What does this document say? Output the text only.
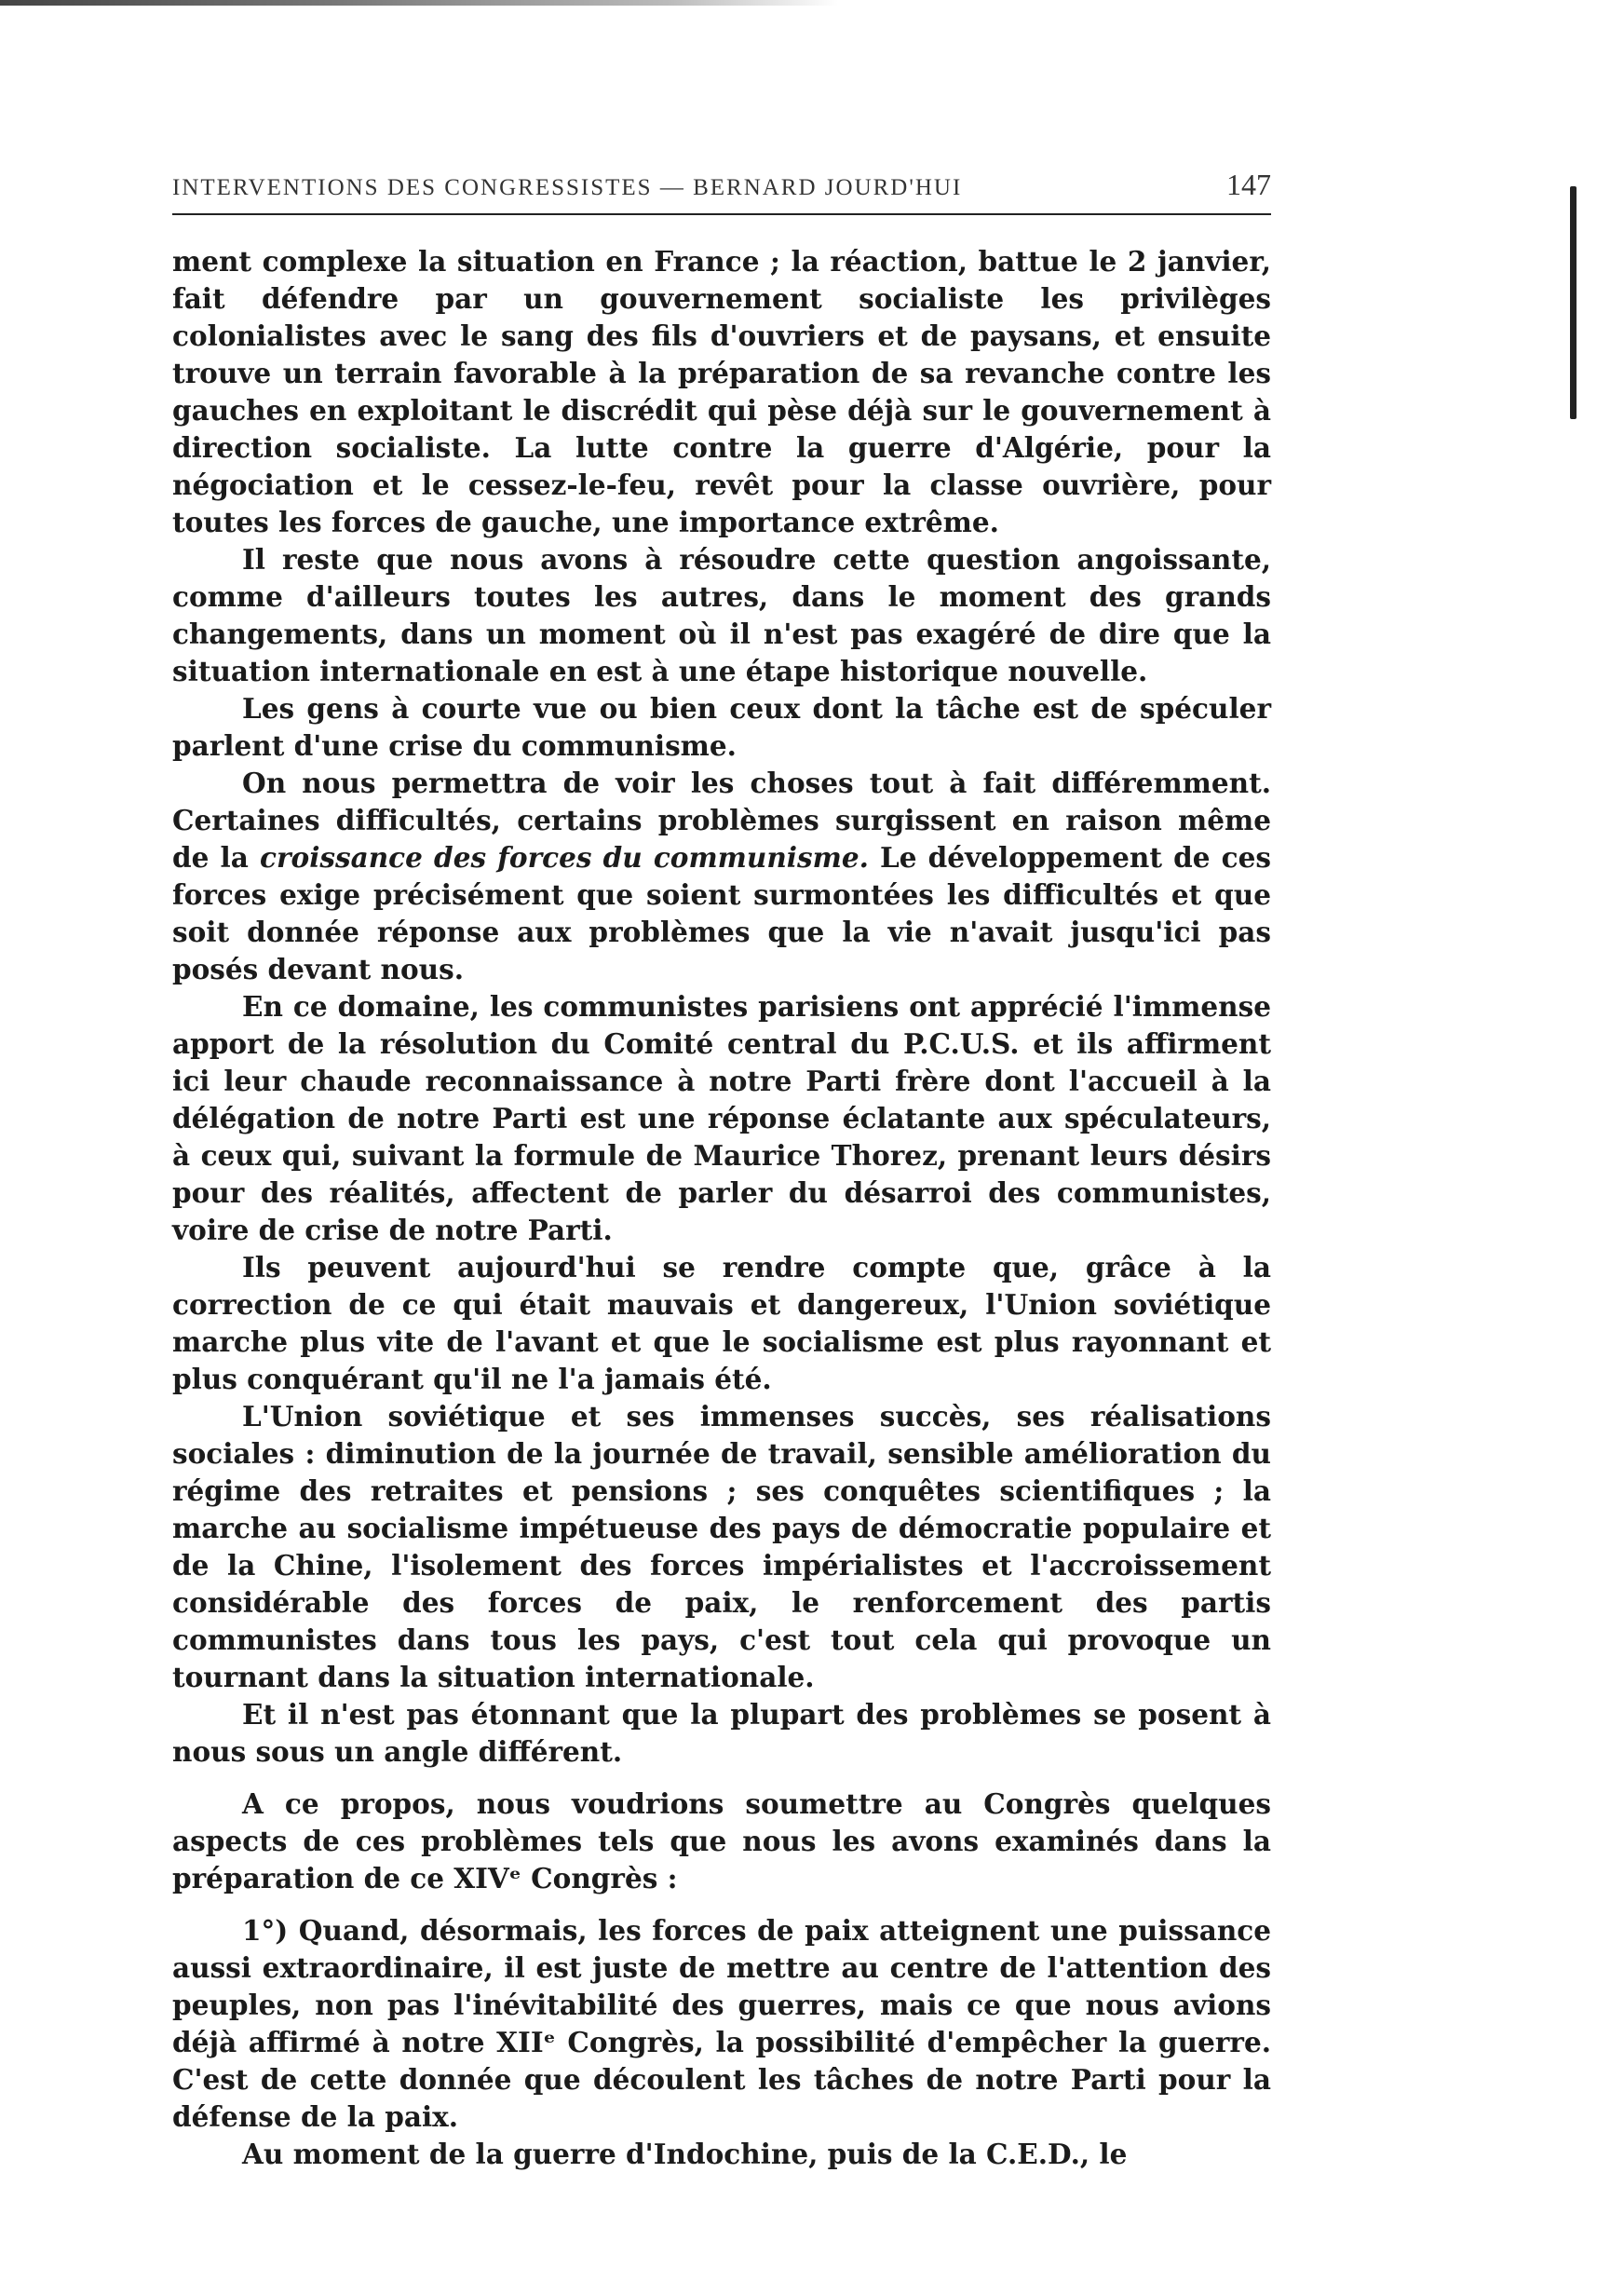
INTERVENTIONS DES CONGRESSISTES — BERNARD JOURD'HUI	147

ment complexe la situation en France ; la réaction, battue le 2 janvier, fait défendre par un gouvernement socialiste les privilèges colonialistes avec le sang des fils d'ouvriers et de paysans, et ensuite trouve un terrain favorable à la préparation de sa revanche contre les gauches en exploitant le discrédit qui pèse déjà sur le gouvernement à direction socialiste. La lutte contre la guerre d'Algérie, pour la négociation et le cessez-le-feu, revêt pour la classe ouvrière, pour toutes les forces de gauche, une importance extrême.

Il reste que nous avons à résoudre cette question angoissante, comme d'ailleurs toutes les autres, dans le moment des grands changements, dans un moment où il n'est pas exagéré de dire que la situation internationale en est à une étape historique nouvelle.

Les gens à courte vue ou bien ceux dont la tâche est de spéculer parlent d'une crise du communisme.

On nous permettra de voir les choses tout à fait différemment. Certaines difficultés, certains problèmes surgissent en raison même de la croissance des forces du communisme. Le développement de ces forces exige précisément que soient surmontées les difficultés et que soit donnée réponse aux problèmes que la vie n'avait jusqu'ici pas posés devant nous.

En ce domaine, les communistes parisiens ont apprécié l'immense apport de la résolution du Comité central du P.C.U.S. et ils affirment ici leur chaude reconnaissance à notre Parti frère dont l'accueil à la délégation de notre Parti est une réponse éclatante aux spéculateurs, à ceux qui, suivant la formule de Maurice Thorez, prenant leurs désirs pour des réalités, affectent de parler du désarroi des communistes, voire de crise de notre Parti.

Ils peuvent aujourd'hui se rendre compte que, grâce à la correction de ce qui était mauvais et dangereux, l'Union soviétique marche plus vite de l'avant et que le socialisme est plus rayonnant et plus conquérant qu'il ne l'a jamais été.

L'Union soviétique et ses immenses succès, ses réalisations sociales : diminution de la journée de travail, sensible amélioration du régime des retraites et pensions ; ses conquêtes scientifiques ; la marche au socialisme impétueuse des pays de démocratie populaire et de la Chine, l'isolement des forces impérialistes et l'accroissement considérable des forces de paix, le renforcement des partis communistes dans tous les pays, c'est tout cela qui provoque un tournant dans la situation internationale.

Et il n'est pas étonnant que la plupart des problèmes se posent à nous sous un angle différent.

A ce propos, nous voudrions soumettre au Congrès quelques aspects de ces problèmes tels que nous les avons examinés dans la préparation de ce XIVᵉ Congrès :

1°) Quand, désormais, les forces de paix atteignent une puissance aussi extraordinaire, il est juste de mettre au centre de l'attention des peuples, non pas l'inévitabilité des guerres, mais ce que nous avions déjà affirmé à notre XIIᵉ Congrès, la possibilité d'empêcher la guerre. C'est de cette donnée que découlent les tâches de notre Parti pour la défense de la paix.

Au moment de la guerre d'Indochine, puis de la C.E.D., le
